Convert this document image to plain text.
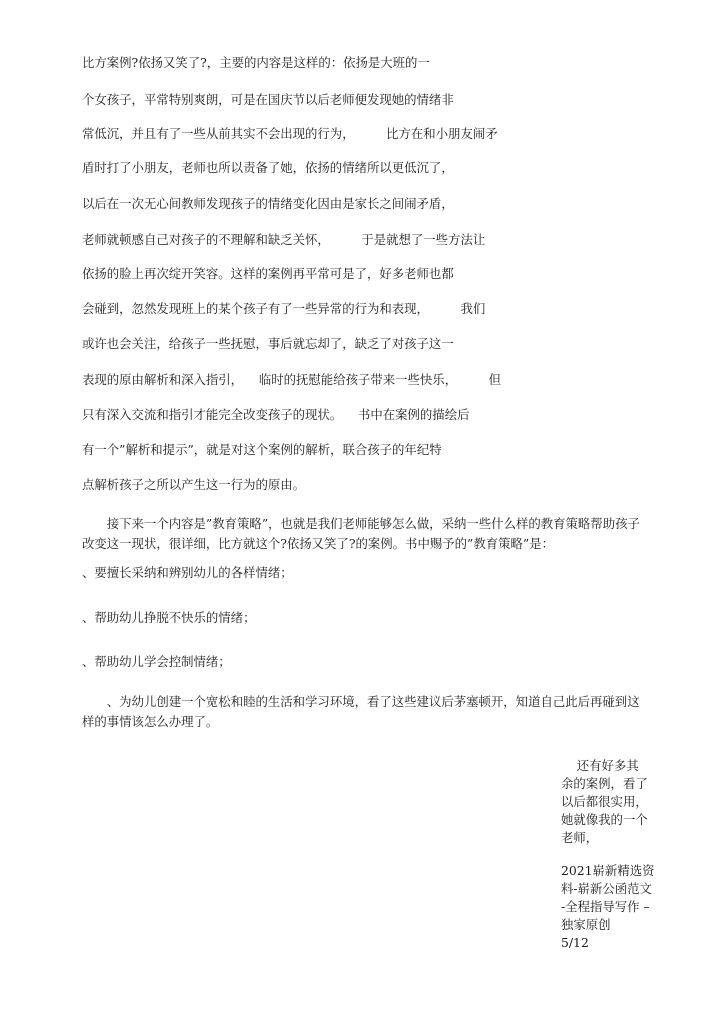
比方案例?依扬又笑了?，主要的内容是这样的：依扬是大班的一

个女孩子，平常特别爽朗，可是在国庆节以后老师便发现她的情绪非

常低沉，并且有了一些从前其实不会出现的行为，        比方在和小朋友闹矛

盾时打了小朋友，老师也所以责备了她，依扬的情绪所以更低沉了，

以后在一次无心间教师发现孩子的情绪变化因由是家长之间闹矛盾，

老师就顿感自己对孩子的不理解和缺乏关怀，        于是就想了一些方法让

依扬的脸上再次绽开笑容。这样的案例再平常可是了，好多老师也都

会碰到，忽然发现班上的某个孩子有了一些异常的行为和表现，        我们

或许也会关注，给孩子一些抚慰，事后就忘却了，缺乏了对孩子这一

表现的原由解析和深入指引，    临时的抚慰能给孩子带来一些快乐，        但

只有深入交流和指引才能完全改变孩子的现状。    书中在案例的描绘后

有一个”解析和提示”，就是对这个案例的解析，联合孩子的年纪特

点解析孩子之所以产生这一行为的原由。

接下来一个内容是”教育策略”，也就是我们老师能够怎么做，采纳一些什么样的教育策略帮助孩子改变这一现状，很详细，比方就这个?依扬又笑了?的案例。书中赐予的”教育策略”是：

、要擅长采纳和辨别幼儿的各样情绪；

、帮助幼儿挣脱不快乐的情绪；

、帮助幼儿学会控制情绪；

、为幼儿创建一个宽松和睦的生活和学习环境，看了这些建议后茅塞顿开，知道自己此后再碰到这样的事情该怎么办理了。

还有好多其
余的案例，看了
以后都很实用，
她就像我的一个
老师，

2021崭新精选资
料-崭新公函范文
-全程指导写作 –
独家原创
5/12
